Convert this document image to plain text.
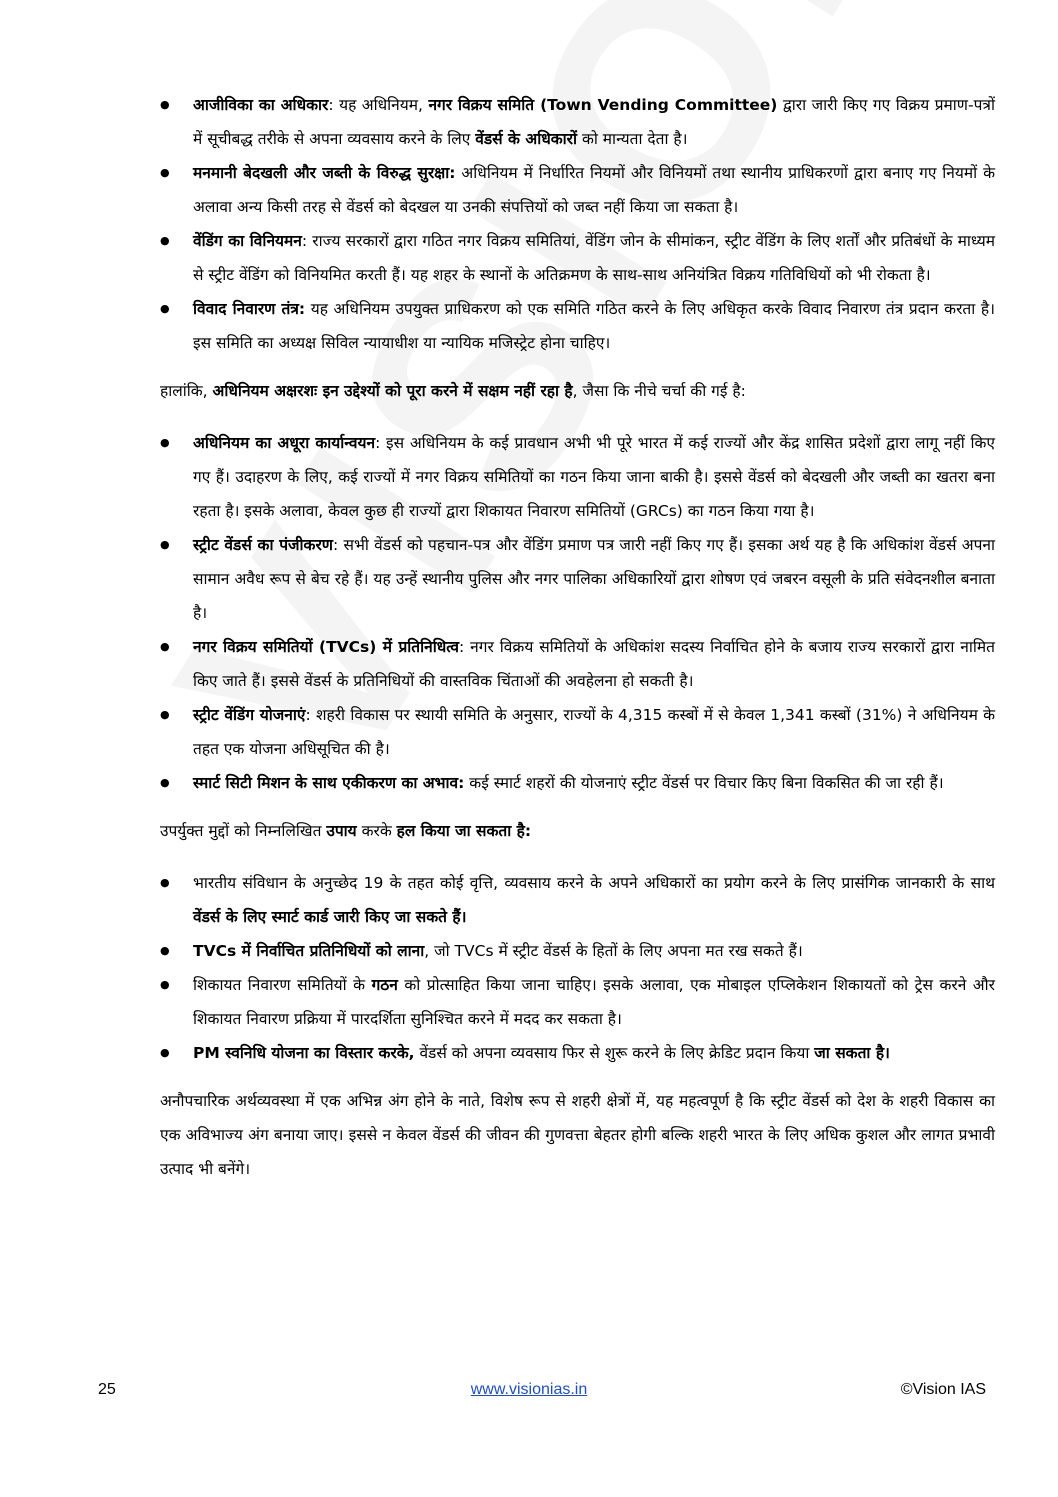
● आजीविका का अधिकार: यह अधिनियम, नगर विक्रय समिति (Town Vending Committee) द्वारा जारी किए गए विक्रय प्रमाण-पत्रों में सूचीबद्ध तरीके से अपना व्यवसाय करने के लिए वेंडर्स के अधिकारों को मान्यता देता है।
● मनमानी बेदखली और जब्ती के विरुद्ध सुरक्षा: अधिनियम में निर्धारित नियमों और विनियमों तथा स्थानीय प्राधिकरणों द्वारा बनाए गए नियमों के अलावा अन्य किसी तरह से वेंडर्स को बेदखल या उनकी संपत्तियों को जब्त नहीं किया जा सकता है।
● वेंडिंग का विनियमन: राज्य सरकारों द्वारा गठित नगर विक्रय समितियां, वेंडिंग जोन के सीमांकन, स्ट्रीट वेंडिंग के लिए शर्तों और प्रतिबंधों के माध्यम से स्ट्रीट वेंडिंग को विनियमित करती हैं। यह शहर के स्थानों के अतिक्रमण के साथ-साथ अनियंत्रित विक्रय गतिविधियों को भी रोकता है।
● विवाद निवारण तंत्र: यह अधिनियम उपयुक्त प्राधिकरण को एक समिति गठित करने के लिए अधिकृत करके विवाद निवारण तंत्र प्रदान करता है। इस समिति का अध्यक्ष सिविल न्यायाधीश या न्यायिक मजिस्ट्रेट होना चाहिए।

हालांकि, अधिनियम अक्षरशः इन उद्देश्यों को पूरा करने में सक्षम नहीं रहा है, जैसा कि नीचे चर्चा की गई है:

● अधिनियम का अधूरा कार्यान्वयन: इस अधिनियम के कई प्रावधान अभी भी पूरे भारत में कई राज्यों और केंद्र शासित प्रदेशों द्वारा लागू नहीं किए गए हैं। उदाहरण के लिए, कई राज्यों में नगर विक्रय समितियों का गठन किया जाना बाकी है। इससे वेंडर्स को बेदखली और जब्ती का खतरा बना रहता है। इसके अलावा, केवल कुछ ही राज्यों द्वारा शिकायत निवारण समितियों (GRCs) का गठन किया गया है।
● स्ट्रीट वेंडर्स का पंजीकरण: सभी वेंडर्स को पहचान-पत्र और वेंडिंग प्रमाण पत्र जारी नहीं किए गए हैं। इसका अर्थ यह है कि अधिकांश वेंडर्स अपना सामान अवैध रूप से बेच रहे हैं। यह उन्हें स्थानीय पुलिस और नगर पालिका अधिकारियों द्वारा शोषण एवं जबरन वसूली के प्रति संवेदनशील बनाता है।
● नगर विक्रय समितियों (TVCs) में प्रतिनिधित्व: नगर विक्रय समितियों के अधिकांश सदस्य निर्वाचित होने के बजाय राज्य सरकारों द्वारा नामित किए जाते हैं। इससे वेंडर्स के प्रतिनिधियों की वास्तविक चिंताओं की अवहेलना हो सकती है।
● स्ट्रीट वेंडिंग योजनाएं: शहरी विकास पर स्थायी समिति के अनुसार, राज्यों के 4,315 कस्बों में से केवल 1,341 कस्बों (31%) ने अधिनियम के तहत एक योजना अधिसूचित की है।
● स्मार्ट सिटी मिशन के साथ एकीकरण का अभाव: कई स्मार्ट शहरों की योजनाएं स्ट्रीट वेंडर्स पर विचार किए बिना विकसित की जा रही हैं।

उपर्युक्त मुद्दों को निम्नलिखित उपाय करके हल किया जा सकता है:

● भारतीय संविधान के अनुच्छेद 19 के तहत कोई वृत्ति, व्यवसाय करने के अपने अधिकारों का प्रयोग करने के लिए प्रासंगिक जानकारी के साथ वेंडर्स के लिए स्मार्ट कार्ड जारी किए जा सकते हैं।
● TVCs में निर्वाचित प्रतिनिधियों को लाना, जो TVCs में स्ट्रीट वेंडर्स के हितों के लिए अपना मत रख सकते हैं।
● शिकायत निवारण समितियों के गठन को प्रोत्साहित किया जाना चाहिए। इसके अलावा, एक मोबाइल एप्लिकेशन शिकायतों को ट्रेस करने और शिकायत निवारण प्रक्रिया में पारदर्शिता सुनिश्चित करने में मदद कर सकता है।
● PM स्वनिधि योजना का विस्तार करके, वेंडर्स को अपना व्यवसाय फिर से शुरू करने के लिए क्रेडिट प्रदान किया जा सकता है।

अनौपचारिक अर्थव्यवस्था में एक अभिन्न अंग होने के नाते, विशेष रूप से शहरी क्षेत्रों में, यह महत्वपूर्ण है कि स्ट्रीट वेंडर्स को देश के शहरी विकास का एक अविभाज्य अंग बनाया जाए। इससे न केवल वेंडर्स की जीवन की गुणवत्ता बेहतर होगी बल्कि शहरी भारत के लिए अधिक कुशल और लागत प्रभावी उत्पाद भी बनेंगे।

25	www.visionias.in	©Vision IAS
